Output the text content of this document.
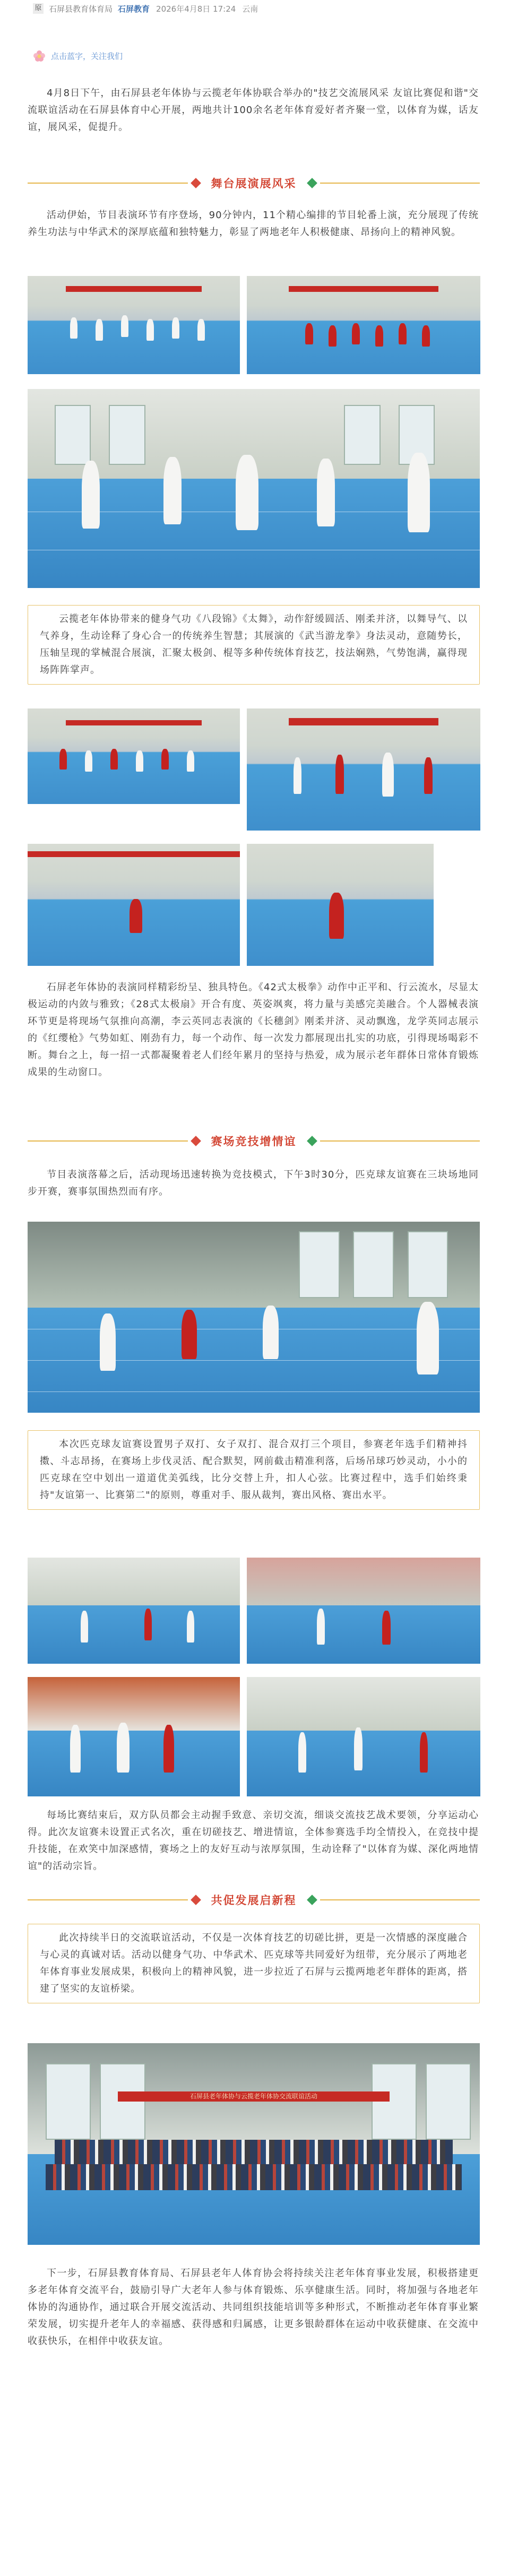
原 石屏县教育体育局 石屏教育 2026年4月8日 17:24 云南
点击蓝字，关注我们

4月8日下午，由石屏县老年体协与云揽老年体协联合举办的"技艺交流展风采 友谊比赛促和谐"交流联谊活动在石屏县体育中心开展，两地共计100余名老年体育爱好者齐聚一堂，以体育为媒，话友谊，展风采，促提升。

舞台展演展风采

活动伊始，节目表演环节有序登场，90分钟内，11个精心编排的节目轮番上演，充分展现了传统养生功法与中华武术的深厚底蕴和独特魅力，彰显了两地老年人积极健康、昂扬向上的精神风貌。

云揽老年体协带来的健身气功《八段锦》《太舞》，动作舒缓圆活、刚柔并济，以舞导气、以气养身，生动诠释了身心合一的传统养生智慧；其展演的《武当游龙拳》身法灵动，意随势长，压轴呈现的掌械混合展演，汇聚太极剑、棍等多种传统体育技艺，技法娴熟，气势饱满，赢得现场阵阵掌声。

石屏老年体协的表演同样精彩纷呈、独具特色。《42式太极拳》动作中正平和、行云流水，尽显太极运动的内敛与雅致；《28式太极扇》开合有度、英姿飒爽，将力量与美感完美融合。个人器械表演环节更是将现场气氛推向高潮，李云英同志表演的《长穗剑》刚柔并济、灵动飘逸，龙学英同志展示的《红缨枪》气势如虹、刚劲有力，每一个动作、每一次发力都展现出扎实的功底，引得现场喝彩不断。舞台之上，每一招一式都凝聚着老人们经年累月的坚持与热爱，成为展示老年群体日常体育锻炼成果的生动窗口。

赛场竞技增情谊

节目表演落幕之后，活动现场迅速转换为竞技模式，下午3时30分，匹克球友谊赛在三块场地同步开赛，赛事氛围热烈而有序。

本次匹克球友谊赛设置男子双打、女子双打、混合双打三个项目，参赛老年选手们精神抖擞、斗志昂扬，在赛场上步伐灵活、配合默契，网前截击精准利落，后场吊球巧妙灵动，小小的匹克球在空中划出一道道优美弧线，比分交替上升，扣人心弦。比赛过程中，选手们始终秉持"友谊第一、比赛第二"的原则，尊重对手、服从裁判，赛出风格、赛出水平。

每场比赛结束后，双方队员都会主动握手致意、亲切交流，细谈交流技艺战术要领，分享运动心得。此次友谊赛未设置正式名次，重在切磋技艺、增进情谊，全体参赛选手均全情投入，在竞技中提升技能，在欢笑中加深感情，赛场之上的友好互动与浓厚氛围，生动诠释了"以体育为媒、深化两地情谊"的活动宗旨。

共促发展启新程

此次持续半日的交流联谊活动，不仅是一次体育技艺的切磋比拼，更是一次情感的深度融合与心灵的真诚对话。活动以健身气功、中华武术、匹克球等共同爱好为纽带，充分展示了两地老年体育事业发展成果，积极向上的精神风貌，进一步拉近了石屏与云揽两地老年群体的距离，搭建了坚实的友谊桥梁。

石屏县老年体协与云揽老年体协交流联谊活动

下一步，石屏县教育体育局、石屏县老年人体育协会将持续关注老年体育事业发展，积极搭建更多老年体育交流平台，鼓励引导广大老年人参与体育锻炼、乐享健康生活。同时，将加强与各地老年体协的沟通协作，通过联合开展交流活动、共同组织技能培训等多种形式，不断推动老年体育事业繁荣发展，切实提升老年人的幸福感、获得感和归属感，让更多银龄群体在运动中收获健康、在交流中收获快乐，在相伴中收获友谊。
